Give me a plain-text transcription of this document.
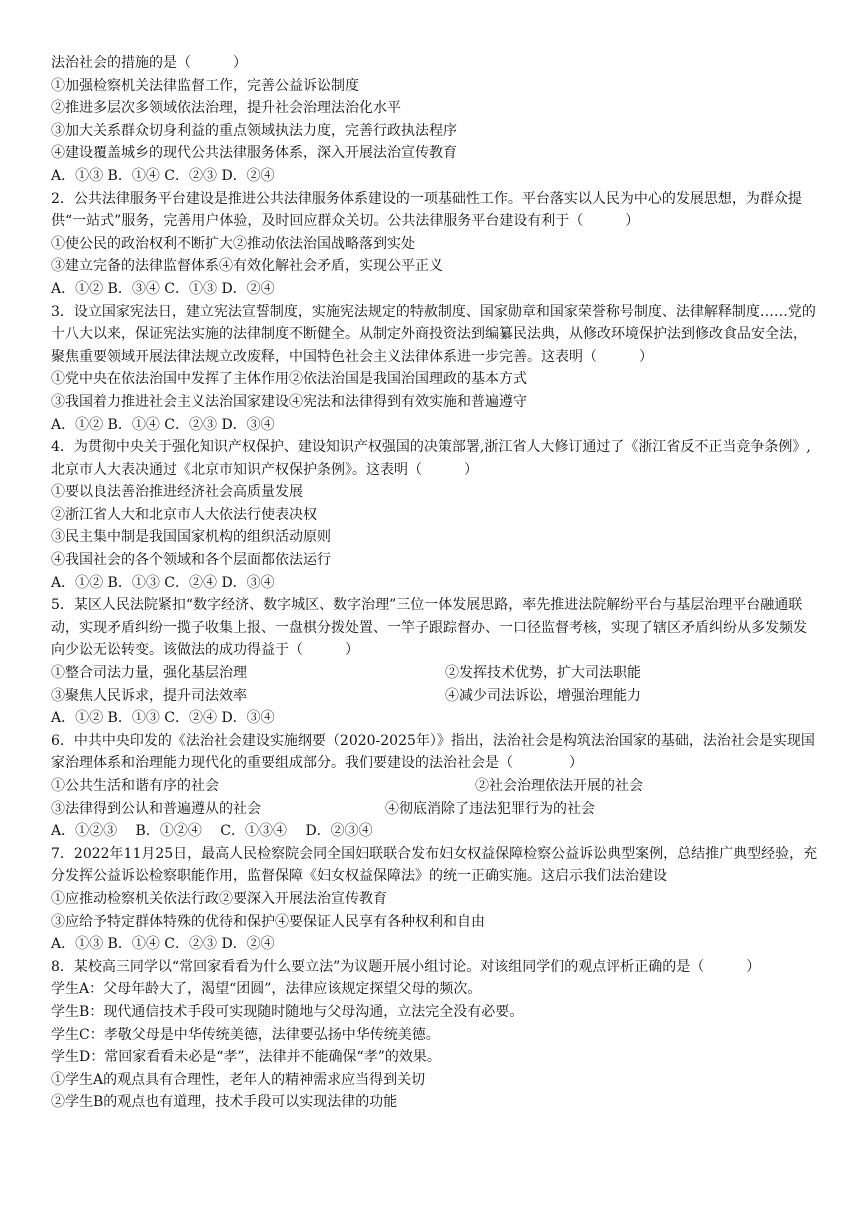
法治社会的措施的是（　　　）
①加强检察机关法律监督工作，完善公益诉讼制度
②推进多层次多领域依法治理，提升社会治理法治化水平
③加大关系群众切身利益的重点领域执法力度，完善行政执法程序
④建设覆盖城乡的现代公共法律服务体系，深入开展法治宣传教育
A．①③ B．①④ C．②③ D．②④
2．公共法律服务平台建设是推进公共法律服务体系建设的一项基础性工作。平台落实以人民为中心的发展思想，为群众提供“一站式”服务，完善用户体验，及时回应群众关切。公共法律服务平台建设有利于（　　　）
①使公民的政治权利不断扩大②推动依法治国战略落到实处
③建立完备的法律监督体系④有效化解社会矛盾，实现公平正义
A．①② B．③④ C．①③ D．②④
3．设立国家宪法日，建立宪法宣誓制度，实施宪法规定的特赦制度、国家勋章和国家荣誉称号制度、法律解释制度……党的十八大以来，保证宪法实施的法律制度不断健全。从制定外商投资法到编纂民法典，从修改环境保护法到修改食品安全法，聚焦重要领域开展法律法规立改废释，中国特色社会主义法律体系进一步完善。这表明（　　　）
①党中央在依法治国中发挥了主体作用②依法治国是我国治国理政的基本方式
③我国着力推进社会主义法治国家建设④宪法和法律得到有效实施和普遍遵守
A．①② B．①④ C．②③ D．③④
4．为贯彻中央关于强化知识产权保护、建设知识产权强国的决策部署,浙江省人大修订通过了《浙江省反不正当竞争条例》,北京市人大表决通过《北京市知识产权保护条例》。这表明（　　　）
①要以良法善治推进经济社会高质量发展
②浙江省人大和北京市人大依法行使表决权
③民主集中制是我国国家机构的组织活动原则
④我国社会的各个领域和各个层面都依法运行
A．①② B．①③ C．②④ D．③④
5．某区人民法院紧扣“数字经济、数字城区、数字治理”三位一体发展思路，率先推进法院解纷平台与基层治理平台融通联动，实现矛盾纠纷一揽子收集上报、一盘棋分拨处置、一竿子跟踪督办、一口径监督考核，实现了辖区矛盾纠纷从多发频发向少讼无讼转变。该做法的成功得益于（　　　）
①整合司法力量，强化基层治理	②发挥技术优势，扩大司法职能
③聚焦人民诉求，提升司法效率	④减少司法诉讼，增强治理能力
A．①② B．①③ C．②④ D．③④
6．中共中央印发的《法治社会建设实施纲要（2020-2025年）》指出，法治社会是构筑法治国家的基础，法治社会是实现国家治理体系和治理能力现代化的重要组成部分。我们要建设的法治社会是（　　　　）
①公共生活和谐有序的社会	②社会治理依法开展的社会
③法律得到公认和普遍遵从的社会	④彻底消除了违法犯罪行为的社会
A．①②③　 B．①②④　 C．①③④　 D．②③④
7．2022年11月25日，最高人民检察院会同全国妇联联合发布妇女权益保障检察公益诉讼典型案例，总结推广典型经验，充分发挥公益诉讼检察职能作用，监督保障《妇女权益保障法》的统一正确实施。这启示我们法治建设
①应推动检察机关依法行政②要深入开展法治宣传教育
③应给予特定群体特殊的优待和保护④要保证人民享有各种权利和自由
A．①③ B．①④ C．②③ D．②④
8．某校高三同学以“常回家看看为什么要立法”为议题开展小组讨论。对该组同学们的观点评析正确的是（　　　）
学生A：父母年龄大了，渴望“团圆”，法律应该规定探望父母的频次。
学生B：现代通信技术手段可实现随时随地与父母沟通，立法完全没有必要。
学生C：孝敬父母是中华传统美德，法律要弘扬中华传统美德。
学生D：常回家看看未必是“孝”，法律并不能确保“孝”的效果。
①学生A的观点具有合理性，老年人的精神需求应当得到关切
②学生B的观点也有道理，技术手段可以实现法律的功能
